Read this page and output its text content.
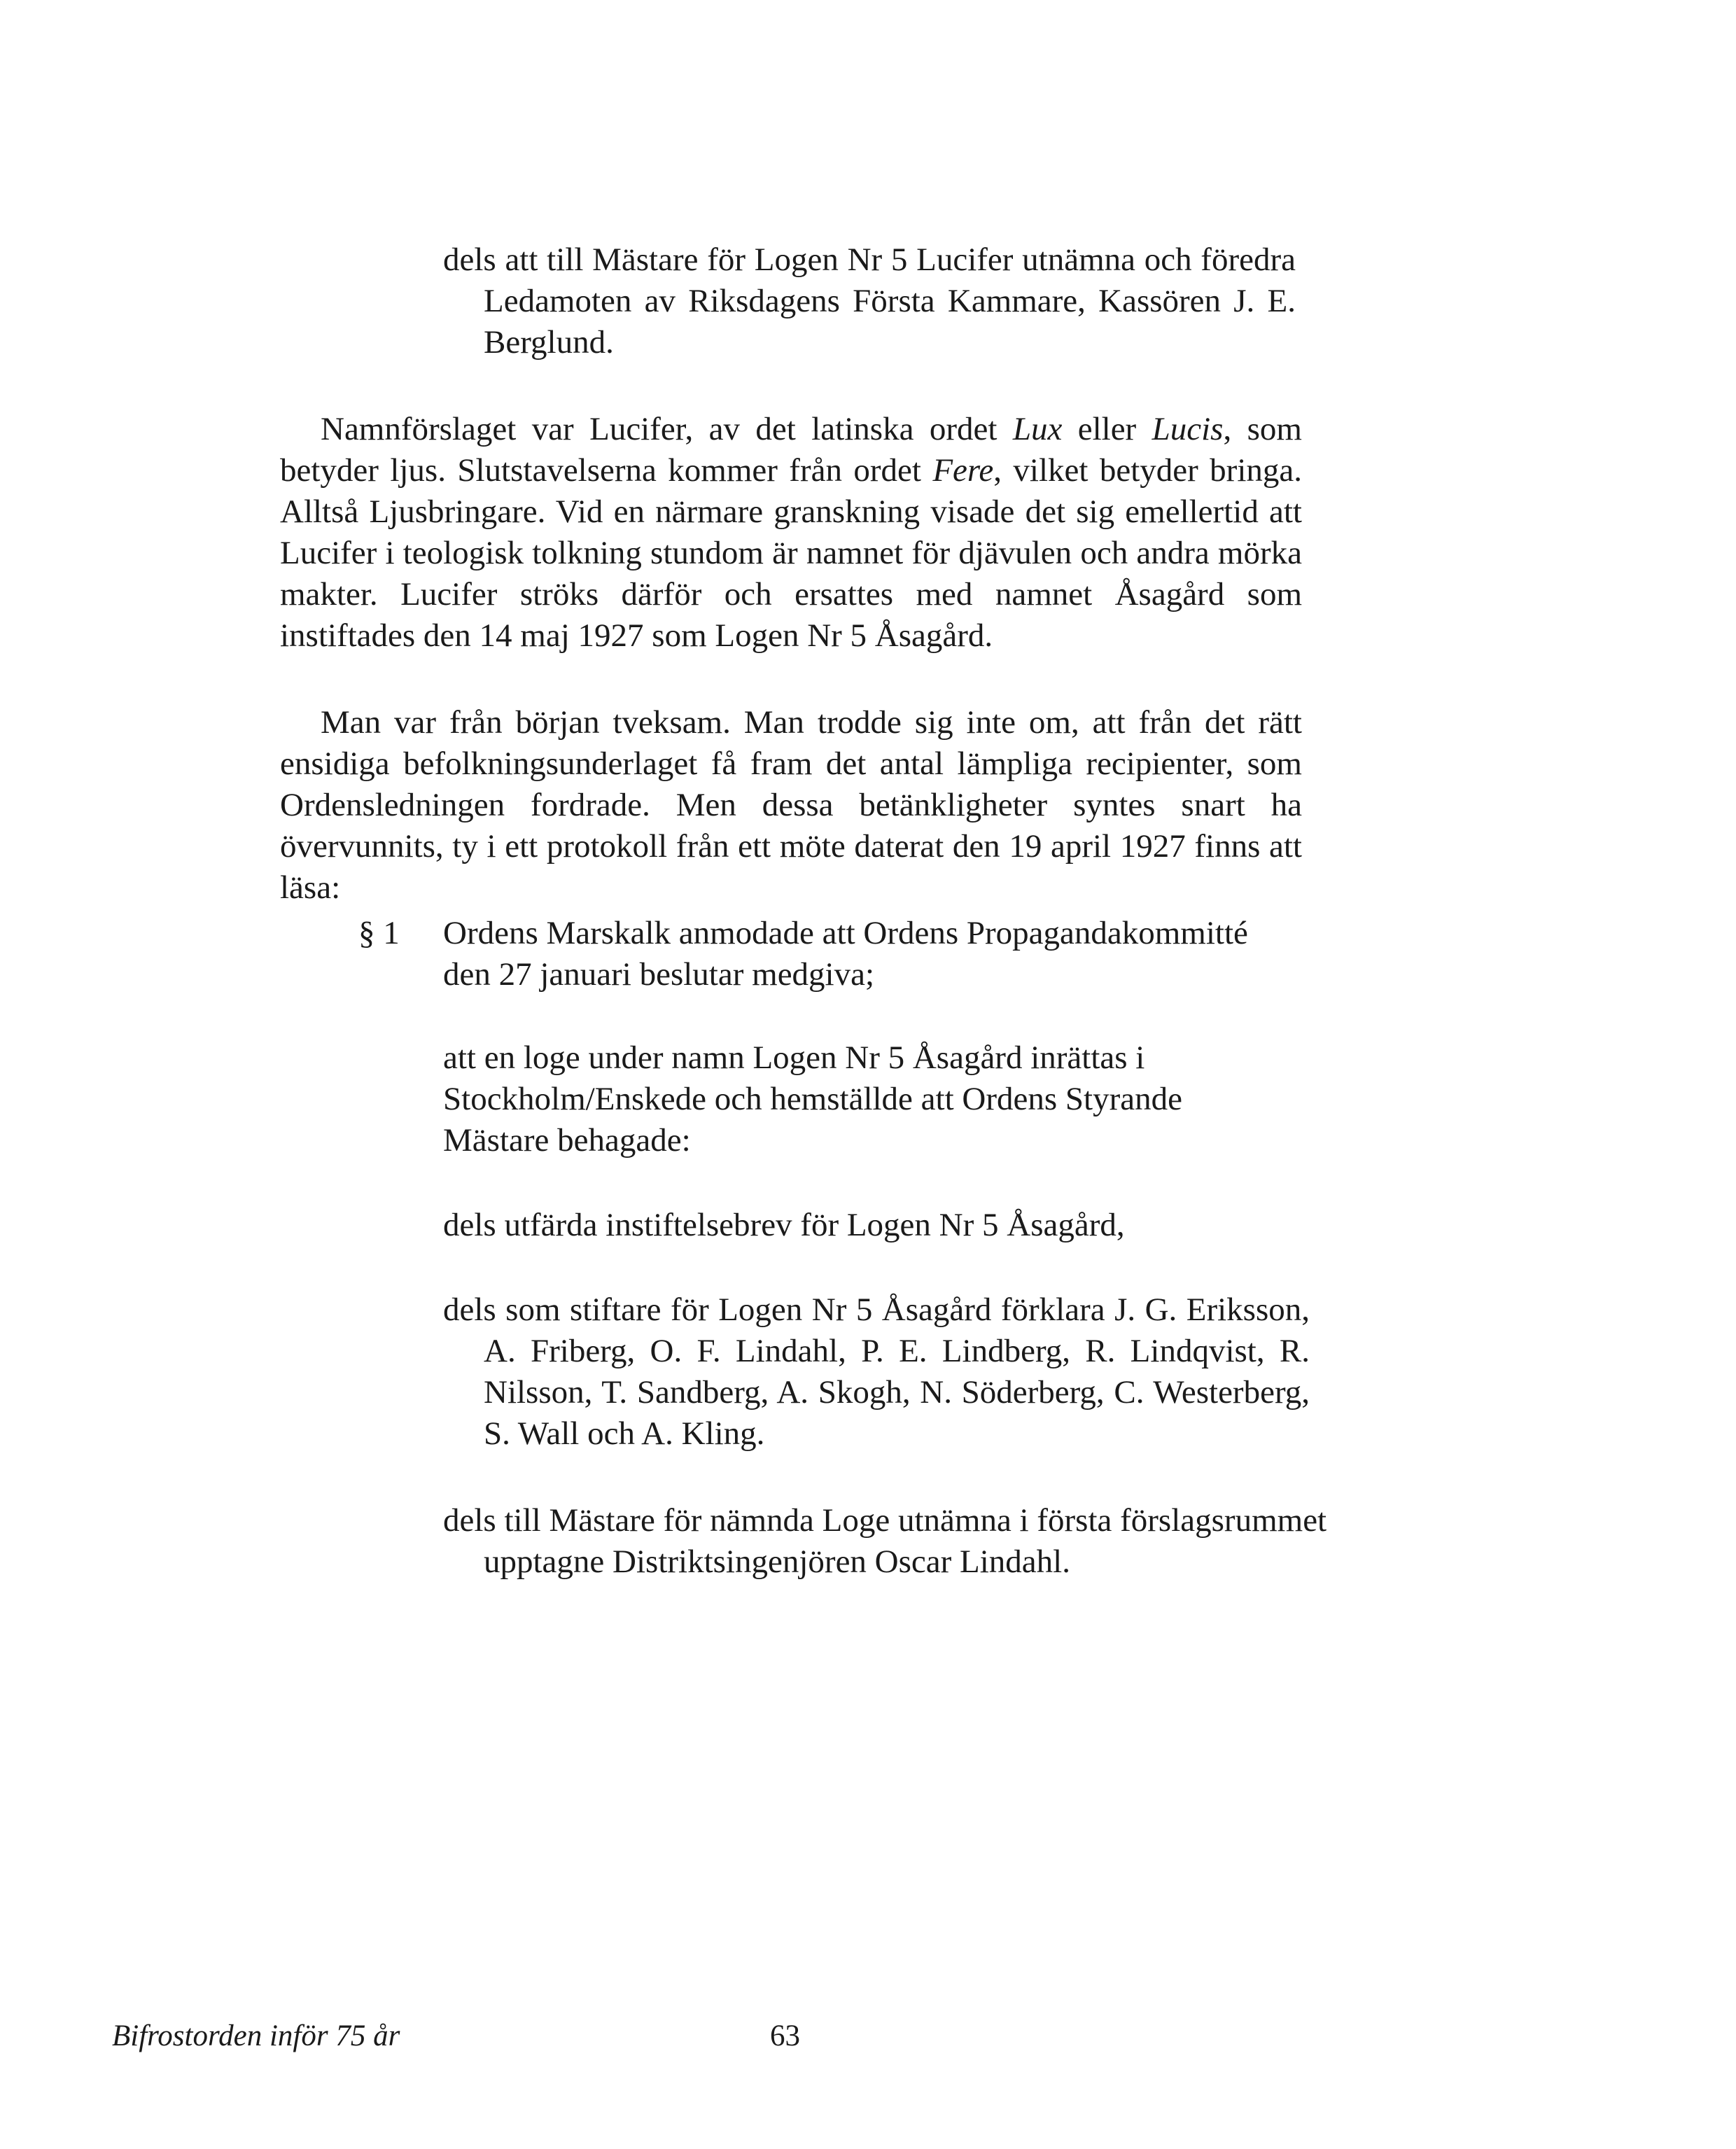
dels att till Mästare för Logen Nr 5 Lucifer utnämna och föredra Ledamoten av Riksdagens Första Kammare, Kassören J. E. Berglund.

Namnförslaget var Lucifer, av det latinska ordet Lux eller Lucis, som betyder ljus. Slutstavelserna kommer från ordet Fere, vilket betyder bringa. Alltså Ljusbringare. Vid en närmare granskning visade det sig emellertid att Lucifer i teologisk tolkning stundom är namnet för djävulen och andra mörka makter. Lucifer ströks därför och ersattes med namnet Åsagård som instiftades den 14 maj 1927 som Logen Nr 5 Åsagård.

Man var från början tveksam. Man trodde sig inte om, att från det rätt ensidiga befolkningsunderlaget få fram det antal lämpliga recipienter, som Ordensledningen fordrade. Men dessa betänkligheter syntes snart ha övervunnits, ty i ett protokoll från ett möte daterat den 19 april 1927 finns att läsa:

§ 1 Ordens Marskalk anmodade att Ordens Propagandakommitté den 27 januari beslutar medgiva;

att en loge under namn Logen Nr 5 Åsagård inrättas i Stockholm/Enskede och hemställde att Ordens Styrande Mästare behagade:

dels utfärda instiftelsebrev för Logen Nr 5 Åsagård,

dels som stiftare för Logen Nr 5 Åsagård förklara J. G. Eriksson, A. Friberg, O. F. Lindahl, P. E. Lindberg, R. Lindqvist, R. Nilsson, T. Sandberg, A. Skogh, N. Söderberg, C. Westerberg, S. Wall och A. Kling.

dels till Mästare för nämnda Loge utnämna i första förslagsrummet upptagne Distriktsingenjören Oscar Lindahl.

Bifrostorden inför 75 år	63
